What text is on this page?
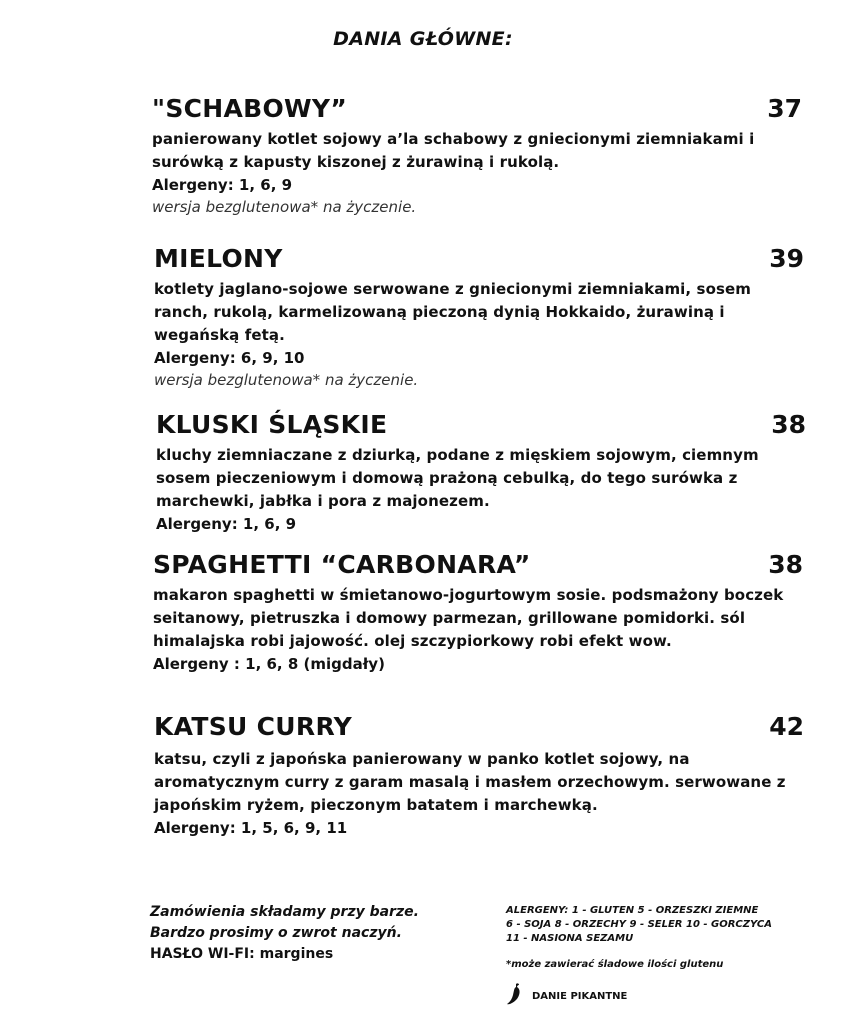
DANIA GŁÓWNE:
"SCHABOWY”	37
panierowany kotlet sojowy a’la schabowy z gniecionymi ziemniakami i surówką z kapusty kiszonej z żurawiną i rukolą.
Alergeny: 1, 6, 9
wersja bezglutenowa* na życzenie.
MIELONY	39
kotlety jaglano-sojowe serwowane z gniecionymi ziemniakami, sosem ranch, rukolą, karmelizowaną pieczoną dynią Hokkaido, żurawiną i wegańską fetą.
Alergeny: 6, 9, 10
wersja bezglutenowa* na życzenie.
KLUSKI ŚLĄSKIE	38
kluchy ziemniaczane z dziurką, podane z mięskiem sojowym, ciemnym sosem pieczeniowym i domową prażoną cebulką, do tego surówka z marchewki, jabłka i pora z majonezem.
Alergeny: 1, 6, 9
SPAGHETTI “CARBONARA”	38
makaron spaghetti w śmietanowo-jogurtowym sosie. podsmażony boczek seitanowy, pietruszka i domowy parmezan, grillowane pomidorki. sól himalajska robi jajowość. olej szczypiorkowy robi efekt wow.
Alergeny : 1, 6, 8 (migdały)
KATSU CURRY	42
katsu, czyli z japońska panierowany w panko kotlet sojowy, na aromatycznym curry z garam masalą i masłem orzechowym. serwowane z japońskim ryżem, pieczonym batatem i marchewką.
Alergeny: 1, 5, 6, 9, 11
Zamówienia składamy przy barze.
Bardzo prosimy o zwrot naczyń.
HASŁO WI-FI: margines
ALERGENY: 1 - GLUTEN 5 - ORZESZKI ZIEMNE
6 - SOJA 8 - ORZECHY 9 - SELER 10 - GORCZYCA
11 - NASIONA SEZAMU
*może zawierać śladowe ilości glutenu
DANIE PIKANTNE
